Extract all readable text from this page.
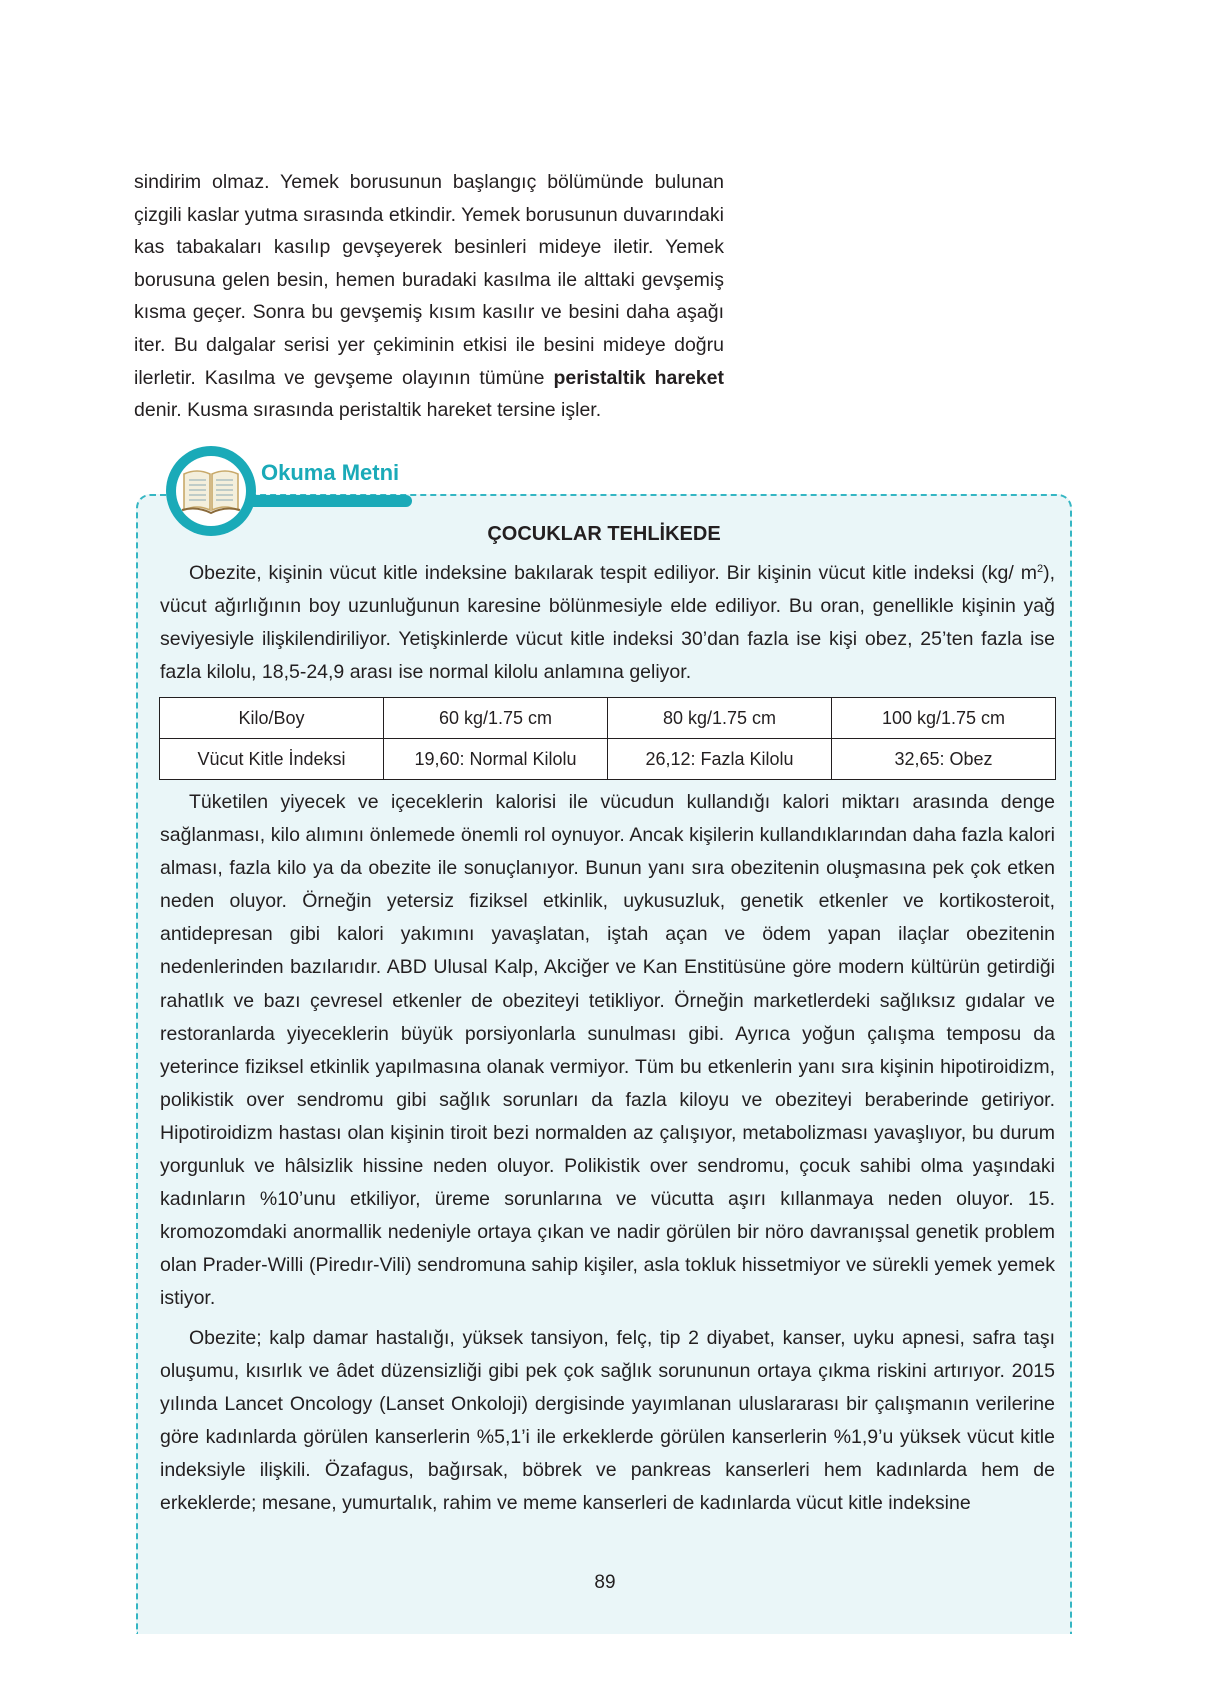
sindirim olmaz. Yemek borusunun başlangıç bölümünde bulunan çizgili kaslar yutma sırasında etkindir. Yemek borusunun duvarındaki kas tabakaları kasılıp gevşeyerek besinleri mideye iletir. Yemek borusuna gelen besin, hemen buradaki kasılma ile alttaki gevşemiş kısma geçer. Sonra bu gevşemiş kısım kasılır ve besini daha aşağı iter. Bu dalgalar serisi yer çekiminin etkisi ile besini mideye doğru ilerletir. Kasılma ve gevşeme olayının tümüne peristaltik hareket denir. Kusma sırasında peristaltik hareket tersine işler.

Okuma Metni
ÇOCUKLAR TEHLİKEDE

Obezite, kişinin vücut kitle indeksine bakılarak tespit ediliyor. Bir kişinin vücut kitle indeksi (kg/ $m^2$), vücut ağırlığının boy uzunluğunun karesine bölünmesiyle elde ediliyor. Bu oran, genellikle kişinin yağ seviyesiyle ilişkilendiriliyor. Yetişkinlerde vücut kitle indeksi 30’dan fazla ise kişi obez, 25’ten fazla ise fazla kilolu, 18,5-24,9 arası ise normal kilolu anlamına geliyor.

Kilo/Boy	60 kg/1.75 cm	80 kg/1.75 cm	100 kg/1.75 cm
Vücut Kitle İndeksi	19,60: Normal Kilolu	26,12: Fazla Kilolu	32,65: Obez

Tüketilen yiyecek ve içeceklerin kalorisi ile vücudun kullandığı kalori miktarı arasında denge sağlanması, kilo alımını önlemede önemli rol oynuyor. Ancak kişilerin kullandıklarından daha fazla kalori alması, fazla kilo ya da obezite ile sonuçlanıyor. Bunun yanı sıra obezitenin oluşmasına pek çok etken neden oluyor. Örneğin yetersiz fiziksel etkinlik, uykusuzluk, genetik etkenler ve kortikosteroit, antidepresan gibi kalori yakımını yavaşlatan, iştah açan ve ödem yapan ilaçlar obezitenin nedenlerinden bazılarıdır. ABD Ulusal Kalp, Akciğer ve Kan Enstitüsüne göre modern kültürün getirdiği rahatlık ve bazı çevresel etkenler de obeziteyi tetikliyor. Örneğin marketlerdeki sağlıksız gıdalar ve restoranlarda yiyeceklerin büyük porsiyonlarla sunulması gibi. Ayrıca yoğun çalışma temposu da yeterince fiziksel etkinlik yapılmasına olanak vermiyor. Tüm bu etkenlerin yanı sıra kişinin hipotiroidizm, polikistik over sendromu gibi sağlık sorunları da fazla kiloyu ve obeziteyi beraberinde getiriyor. Hipotiroidizm hastası olan kişinin tiroit bezi normalden az çalışıyor, metabolizması yavaşlıyor, bu durum yorgunluk ve hâlsizlik hissine neden oluyor. Polikistik over sendromu, çocuk sahibi olma yaşındaki kadınların %10’unu etkiliyor, üreme sorunlarına ve vücutta aşırı kıllanmaya neden oluyor. 15. kromozomdaki anormallik nedeniyle ortaya çıkan ve nadir görülen bir nöro davranışsal genetik problem olan Prader-Willi (Piredır-Vili) sendromuna sahip kişiler, asla tokluk hissetmiyor ve sürekli yemek yemek istiyor.

Obezite; kalp damar hastalığı, yüksek tansiyon, felç, tip 2 diyabet, kanser, uyku apnesi, safra taşı oluşumu, kısırlık ve âdet düzensizliği gibi pek çok sağlık sorununun ortaya çıkma riskini artırıyor. 2015 yılında Lancet Oncology (Lanset Onkoloji) dergisinde yayımlanan uluslararası bir çalışmanın verilerine göre kadınlarda görülen kanserlerin %5,1’i ile erkeklerde görülen kanserlerin %1,9’u yüksek vücut kitle indeksiyle ilişkili. Özafagus, bağırsak, böbrek ve pankreas kanserleri hem kadınlarda hem de erkeklerde; mesane, yumurtalık, rahim ve meme kanserleri de kadınlarda vücut kitle indeksine

89
